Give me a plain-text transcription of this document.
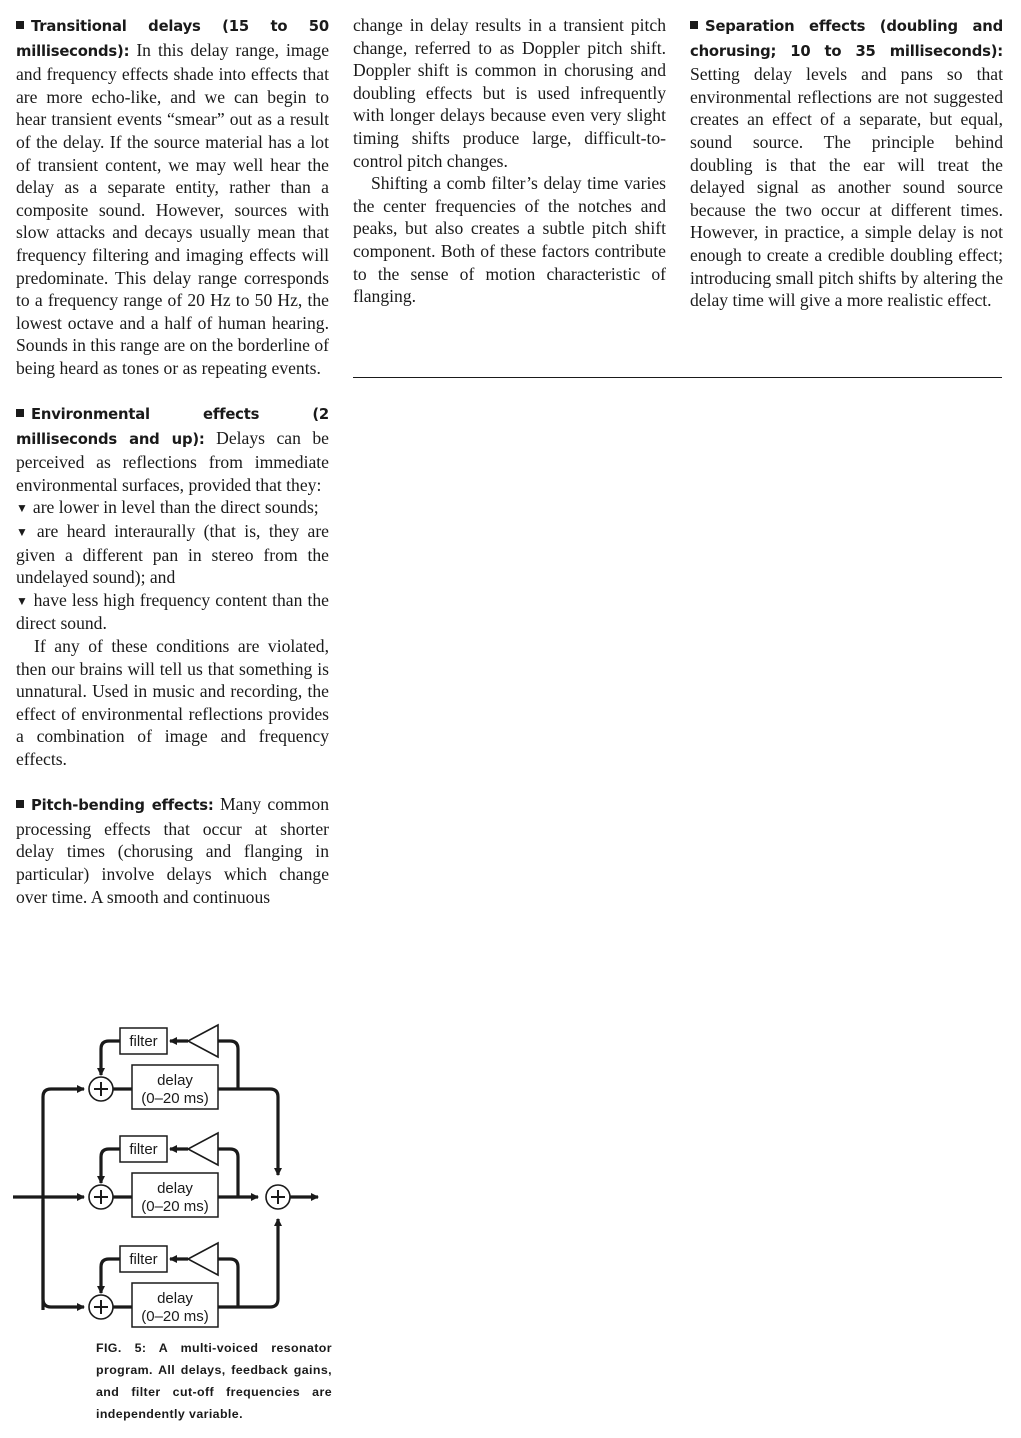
Transitional delays (15 to 50 milliseconds): In this delay range, image and frequency effects shade into effects that are more echo-like, and we can begin to hear transient events “smear” out as a result of the delay. If the source material has a lot of transient content, we may well hear the delay as a separate entity, rather than a composite sound. However, sources with slow attacks and decays usually mean that frequency filtering and imaging effects will predominate. This delay range corresponds to a frequency range of 20 Hz to 50 Hz, the lowest octave and a half of human hearing. Sounds in this range are on the borderline of being heard as tones or as repeating events.

Environmental effects (2 milliseconds and up): Delays can be perceived as reflections from immediate environmental surfaces, provided that they:

▼ are lower in level than the direct sounds;

▼ are heard interaurally (that is, they are given a different pan in stereo from the undelayed sound); and

▼ have less high frequency content than the direct sound.

If any of these conditions are violated, then our brains will tell us that something is unnatural. Used in music and recording, the effect of environmental reflections provides a combination of image and frequency effects.

Pitch-bending effects: Many common processing effects that occur at shorter delay times (chorusing and flanging in particular) involve delays which change over time. A smooth and continuous

change in delay results in a transient pitch change, referred to as Doppler pitch shift. Doppler shift is common in chorusing and doubling effects but is used infrequently with longer delays because even very slight timing shifts produce large, difficult-to-control pitch changes.

Shifting a comb filter’s delay time varies the center frequencies of the notches and peaks, but also creates a subtle pitch shift component. Both of these factors contribute to the sense of motion characteristic of flanging.

Separation effects (doubling and chorusing; 10 to 35 milliseconds): Setting delay levels and pans so that environmental reflections are not suggested creates an effect of a separate, but equal, sound source. The principle behind doubling is that the ear will treat the delayed signal as another sound source because the two occur at different times. However, in practice, a simple delay is not enough to create a credible doubling effect; introducing small pitch shifts by altering the delay time will give a more realistic effect.

delay
(0–20 ms)
filter
delay
(0–20 ms)
filter
delay
(0–20 ms)
filter
FIG. 5: A multi-voiced resonator program. All delays, feedback gains, and filter cut-off frequencies are independently variable.
